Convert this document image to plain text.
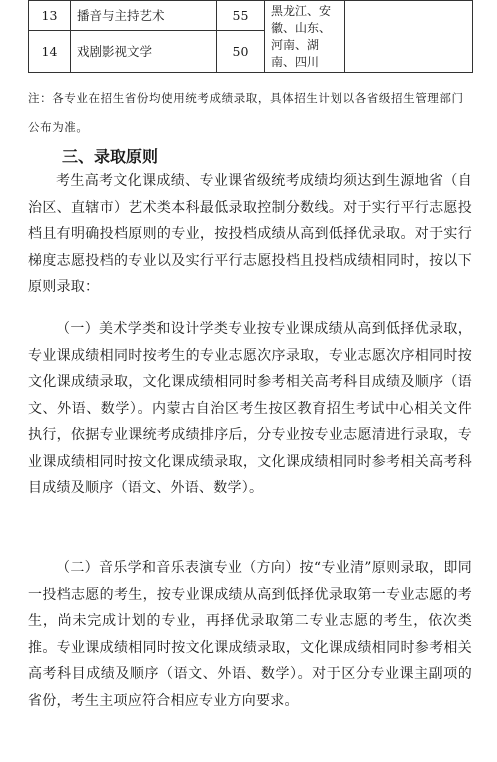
13	播音与主持艺术	55	黑龙江、安徽、山东、河南、湖南、四川	
14	戏剧影视文学	50		

注：各专业在招生省份均使用统考成绩录取，具体招生计划以各省级招生管理部门公布为准。

三、录取原则

考生高考文化课成绩、专业课省级统考成绩均须达到生源地省（自治区、直辖市）艺术类本科最低录取控制分数线。对于实行平行志愿投档且有明确投档原则的专业，按投档成绩从高到低择优录取。对于实行梯度志愿投档的专业以及实行平行志愿投档且投档成绩相同时，按以下原则录取：

（一）美术学类和设计学类专业按专业课成绩从高到低择优录取，专业课成绩相同时按考生的专业志愿次序录取，专业志愿次序相同时按文化课成绩录取，文化课成绩相同时参考相关高考科目成绩及顺序（语文、外语、数学）。内蒙古自治区考生按区教育招生考试中心相关文件执行，依据专业课统考成绩排序后，分专业按专业志愿清进行录取，专业课成绩相同时按文化课成绩录取，文化课成绩相同时参考相关高考科目成绩及顺序（语文、外语、数学）。

（二）音乐学和音乐表演专业（方向）按“专业清”原则录取，即同一投档志愿的考生，按专业课成绩从高到低择优录取第一专业志愿的考生，尚未完成计划的专业，再择优录取第二专业志愿的考生，依次类推。专业课成绩相同时按文化课成绩录取，文化课成绩相同时参考相关高考科目成绩及顺序（语文、外语、数学）。对于区分专业课主副项的省份，考生主项应符合相应专业方向要求。
